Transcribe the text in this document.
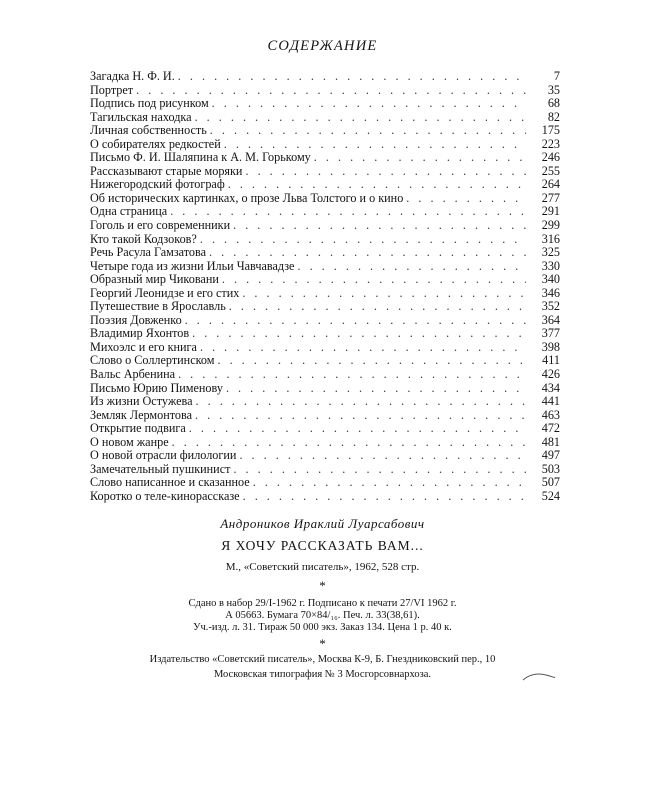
СОДЕРЖАНИЕ
Загадка Н. Ф. И. . . .	7
Портрет . . .	35
Подпись под рисунком . . .	68
Тагильская находка . . .	82
Личная собственность . . .	175
О собирателях редкостей . . .	223
Письмо Ф. И. Шаляпина к А. М. Горькому . . .	246
Рассказывают старые моряки . . .	255
Нижегородский фотограф . . .	264
Об исторических картинках, о прозе Льва Толстого и о кино . . .	277
Одна страница . . .	291
Гоголь и его современники . . .	299
Кто такой Кодзоков? . . .	316
Речь Расула Гамзатова . . .	325
Четыре года из жизни Ильи Чавчавадзе . . .	330
Образный мир Чиковани . . .	340
Георгий Леонидзе и его стих . . .	346
Путешествие в Ярославль . . .	352
Поэзия Довженко . . .	364
Владимир Яхонтов . . .	377
Михоэлс и его книга . . .	398
Слово о Соллертинском . . .	411
Вальс Арбенина . . .	426
Письмо Юрию Пименову . . .	434
Из жизни Остужева . . .	441
Земляк Лермонтова . . .	463
Открытие подвига . . .	472
О новом жанре . . .	481
О новой отрасли филологии . . .	497
Замечательный пушкинист . . .	503
Слово написанное и сказанное . . .	507
Коротко о теле-кинорассказе . . .	524
Андроников Ираклий Луарсабович
Я ХОЧУ РАССКАЗАТЬ ВАМ...
М., «Советский писатель», 1962, 528 стр.
*
Сдано в набор 29/I-1962 г. Подписано к печати 27/VI 1962 г.
А 05663. Бумага 70×84/₁₆. Печ. л. 33(38,61).
Уч.-изд. л. 31. Тираж 50 000 экз. Заказ 134. Цена 1 р. 40 к.
*
Издательство «Советский писатель», Москва К-9, Б. Гнездниковский пер., 10
Московская типография № 3 Мосгорсовнархоза.
